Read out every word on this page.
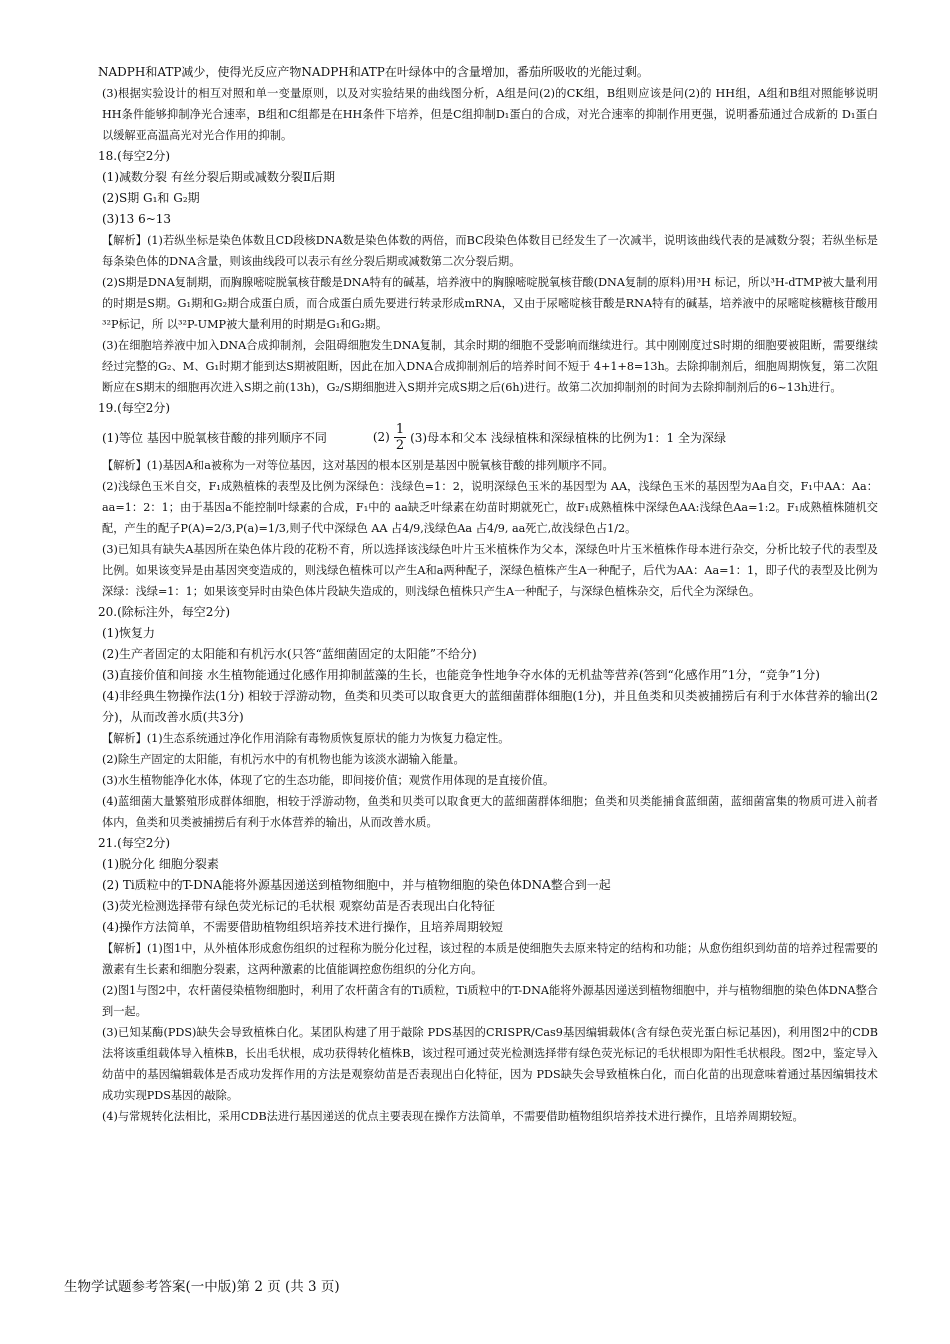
NADPH和ATP减少，使得光反应产物NADPH和ATP在叶绿体中的含量增加，番茄所吸收的光能过剩。

(3)根据实验设计的相互对照和单一变量原则，以及对实验结果的曲线图分析，A组是问(2)的CK组，B组则应该是问(2)的 HH组，A组和B组对照能够说明HH条件能够抑制净光合速率，B组和C组都是在HH条件下培养，但是C组抑制D₁蛋白的合成，对光合速率的抑制作用更强，说明番茄通过合成新的 D₁蛋白以缓解亚高温高光对光合作用的抑制。

18.(每空2分)

(1)减数分裂 有丝分裂后期或减数分裂Ⅱ后期

(2)S期 G₁和 G₂期

(3)13 6~13

【解析】(1)若纵坐标是染色体数且CD段核DNA数是染色体数的两倍，而BC段染色体数目已经发生了一次减半，说明该曲线代表的是减数分裂；若纵坐标是每条染色体的DNA含量，则该曲线段可以表示有丝分裂后期或减数第二次分裂后期。

(2)S期是DNA复制期，而胸腺嘧啶脱氧核苷酸是DNA特有的碱基，培养液中的胸腺嘧啶脱氧核苷酸(DNA复制的原料)用³H 标记，所以³H-dTMP被大量利用的时期是S期。G₁期和G₂期合成蛋白质，而合成蛋白质先要进行转录形成mRNA，又由于尿嘧啶核苷酸是RNA特有的碱基，培养液中的尿嘧啶核糖核苷酸用³²P标记，所 以³²P-UMP被大量利用的时期是G₁和G₂期。

(3)在细胞培养液中加入DNA合成抑制剂，会阻碍细胞发生DNA复制，其余时期的细胞不受影响而继续进行。其中刚刚度过S时期的细胞要被阻断，需要继续经过完整的G₂、M、G₁时期才能到达S期被阻断，因此在加入DNA合成抑制剂后的培养时间不短于 4+1+8=13h。去除抑制剂后，细胞周期恢复，第二次阻断应在S期末的细胞再次进入S期之前(13h)，G₂/S期细胞进入S期并完成S期之后(6h)进行。故第二次加抑制剂的时间为去除抑制剂后的6~13h进行。

19.(每空2分)

(1)等位 基因中脱氧核苷酸的排列顺序不同	$(2) \frac{1}{2} (3)$母本和父本 浅绿植株和深绿植株的比例为1：1 全为深绿

【解析】(1)基因A和a被称为一对等位基因，这对基因的根本区别是基因中脱氧核苷酸的排列顺序不同。

(2)浅绿色玉米自交，F₁成熟植株的表型及比例为深绿色：浅绿色=1：2，说明深绿色玉米的基因型为 AA，浅绿色玉米的基因型为Aa自交，F₁中AA：Aa：aa=1：2：1；由于基因a不能控制叶绿素的合成，F₁中的 aa缺乏叶绿素在幼苗时期就死亡，故F₁成熟植株中深绿色AA:浅绿色Aa=1:2。F₁成熟植株随机交配，产生的配子P(A)=2/3,P(a)=1/3,则子代中深绿色 AA 占4/9,浅绿色Aa 占4/9, aa死亡,故浅绿色占1/2。

(3)已知具有缺失A基因所在染色体片段的花粉不育，所以选择该浅绿色叶片玉米植株作为父本，深绿色叶片玉米植株作母本进行杂交，分析比较子代的表型及比例。如果该变异是由基因突变造成的，则浅绿色植株可以产生A和a两种配子，深绿色植株产生A一种配子，后代为AA：Aa=1：1，即子代的表型及比例为深绿：浅绿=1：1；如果该变异时由染色体片段缺失造成的，则浅绿色植株只产生A一种配子，与深绿色植株杂交，后代全为深绿色。

20.(除标注外，每空2分)

(1)恢复力

(2)生产者固定的太阳能和有机污水(只答“蓝细菌固定的太阳能”不给分)

(3)直接价值和间接 水生植物能通过化感作用抑制蓝藻的生长，也能竞争性地争夺水体的无机盐等营养(答到“化感作用”1分，“竞争”1分)

(4)非经典生物操作法(1分) 相较于浮游动物，鱼类和贝类可以取食更大的蓝细菌群体细胞(1分)，并且鱼类和贝类被捕捞后有利于水体营养的输出(2分)，从而改善水质(共3分)

【解析】(1)生态系统通过净化作用消除有毒物质恢复原状的能力为恢复力稳定性。

(2)除生产固定的太阳能，有机污水中的有机物也能为该淡水湖输入能量。

(3)水生植物能净化水体，体现了它的生态功能，即间接价值；观赏作用体现的是直接价值。

(4)蓝细菌大量繁殖形成群体细胞，相较于浮游动物，鱼类和贝类可以取食更大的蓝细菌群体细胞；鱼类和贝类能捕食蓝细菌，蓝细菌富集的物质可进入前者体内，鱼类和贝类被捕捞后有利于水体营养的输出，从而改善水质。

21.(每空2分)

(1)脱分化 细胞分裂素

(2) Ti质粒中的T-DNA能将外源基因递送到植物细胞中，并与植物细胞的染色体DNA整合到一起

(3)荧光检测选择带有绿色荧光标记的毛状根 观察幼苗是否表现出白化特征

(4)操作方法简单，不需要借助植物组织培养技术进行操作，且培养周期较短

【解析】(1)图1中，从外植体形成愈伤组织的过程称为脱分化过程，该过程的本质是使细胞失去原来特定的结构和功能；从愈伤组织到幼苗的培养过程需要的激素有生长素和细胞分裂素，这两种激素的比值能调控愈伤组织的分化方向。

(2)图1与图2中，农杆菌侵染植物细胞时，利用了农杆菌含有的Ti质粒，Ti质粒中的T-DNA能将外源基因递送到植物细胞中，并与植物细胞的染色体DNA整合到一起。

(3)已知某酶(PDS)缺失会导致植株白化。某团队构建了用于敲除 PDS基因的CRISPR/Cas9基因编辑载体(含有绿色荧光蛋白标记基因)，利用图2中的CDB法将该重组载体导入植株B，长出毛状根，成功获得转化植株B，该过程可通过荧光检测选择带有绿色荧光标记的毛状根即为阳性毛状根段。图2中，鉴定导入幼苗中的基因编辑载体是否成功发挥作用的方法是观察幼苗是否表现出白化特征，因为 PDS缺失会导致植株白化，而白化苗的出现意味着通过基因编辑技术成功实现PDS基因的敲除。

(4)与常规转化法相比，采用CDB法进行基因递送的优点主要表现在操作方法简单，不需要借助植物组织培养技术进行操作，且培养周期较短。

生物学试题参考答案(一中版)第 2 页 (共 3 页)
